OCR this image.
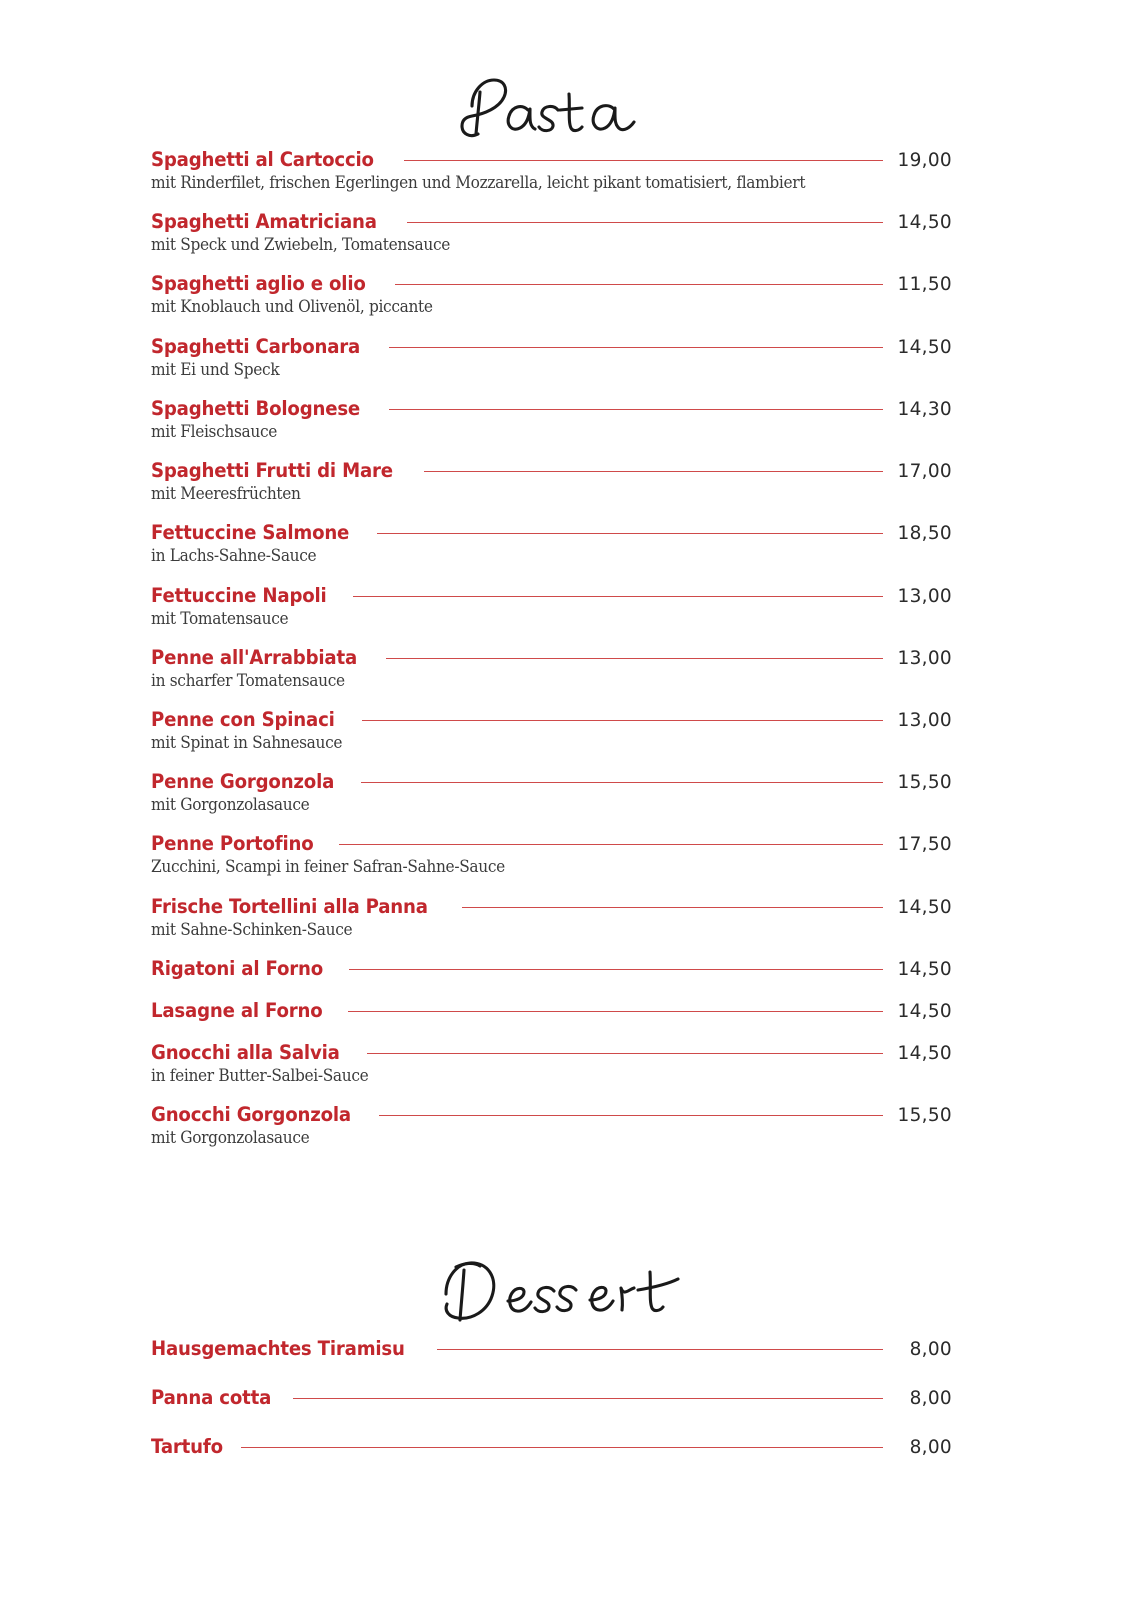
Spaghetti al Cartoccio	19,00
mit Rinderfilet, frischen Egerlingen und Mozzarella, leicht pikant tomatisiert, flambiert
Spaghetti Amatriciana	14,50
mit Speck und Zwiebeln, Tomatensauce
Spaghetti aglio e olio	11,50
mit Knoblauch und Olivenöl, piccante
Spaghetti Carbonara	14,50
mit Ei und Speck
Spaghetti Bolognese	14,30
mit Fleischsauce
Spaghetti Frutti di Mare	17,00
mit Meeresfrüchten
Fettuccine Salmone	18,50
in Lachs-Sahne-Sauce
Fettuccine Napoli	13,00
mit Tomatensauce
Penne all'Arrabbiata	13,00
in scharfer Tomatensauce
Penne con Spinaci	13,00
mit Spinat in Sahnesauce
Penne Gorgonzola	15,50
mit Gorgonzolasauce
Penne Portofino	17,50
Zucchini, Scampi in feiner Safran-Sahne-Sauce
Frische Tortellini alla Panna	14,50
mit Sahne-Schinken-Sauce
Rigatoni al Forno	14,50
Lasagne al Forno	14,50
Gnocchi alla Salvia	14,50
in feiner Butter-Salbei-Sauce
Gnocchi Gorgonzola	15,50
mit Gorgonzolasauce
Hausgemachtes Tiramisu	8,00
Panna cotta	8,00
Tartufo	8,00
